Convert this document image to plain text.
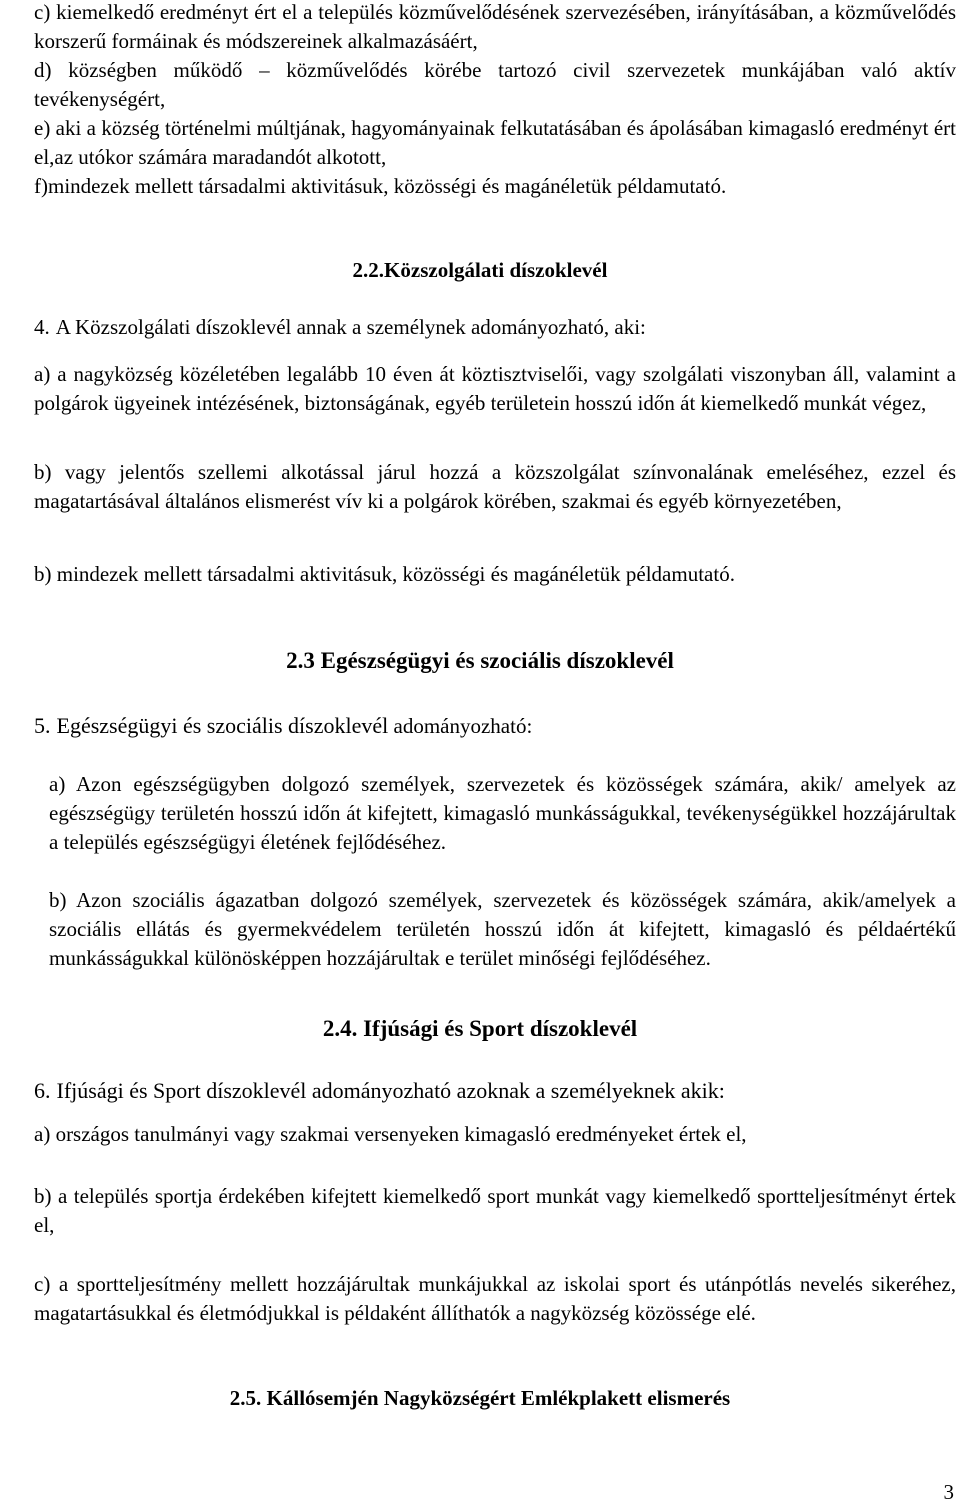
c) kiemelkedő eredményt ért el a település közművelődésének szervezésében, irányításában, a közművelődés korszerű formáinak és módszereinek alkalmazásáért,

d) községben működő – közművelődés körébe tartozó civil szervezetek munkájában való aktív tevékenységért,

e) aki a község történelmi múltjának, hagyományainak felkutatásában és ápolásában kimagasló eredményt ért el,az utókor számára maradandót alkotott,

f)mindezek mellett társadalmi aktivitásuk, közösségi és magánéletük példamutató.

2.2.Közszolgálati díszoklevél

4. A Közszolgálati díszoklevél annak a személynek adományozható, aki:

a) a nagyközség közéletében legalább 10 éven át köztisztviselői, vagy szolgálati viszonyban áll, valamint a polgárok ügyeinek intézésének, biztonságának, egyéb területein hosszú időn át kiemelkedő munkát végez,

b) vagy jelentős szellemi alkotással járul hozzá a közszolgálat színvonalának emeléséhez, ezzel és magatartásával általános elismerést vív ki a polgárok körében, szakmai és egyéb környezetében,

b) mindezek mellett társadalmi aktivitásuk, közösségi és magánéletük példamutató.

2.3 Egészségügyi és szociális díszoklevél

5. Egészségügyi és szociális díszoklevél adományozható:

a) Azon egészségügyben dolgozó személyek, szervezetek és közösségek számára, akik/ amelyek az egészségügy területén hosszú időn át kifejtett, kimagasló munkásságukkal, tevékenységükkel hozzájárultak a település egészségügyi életének fejlődéséhez.

b) Azon szociális ágazatban dolgozó személyek, szervezetek és közösségek számára, akik/amelyek a szociális ellátás és gyermekvédelem területén hosszú időn át kifejtett, kimagasló és példaértékű munkásságukkal különösképpen hozzájárultak e terület minőségi fejlődéséhez.

2.4. Ifjúsági és Sport díszoklevél

6. Ifjúsági és Sport díszoklevél adományozható azoknak a személyeknek akik:

a) országos tanulmányi vagy szakmai versenyeken kimagasló eredményeket értek el,

b) a település sportja érdekében kifejtett kiemelkedő sport munkát vagy kiemelkedő sportteljesítményt értek el,

c) a sportteljesítmény mellett hozzájárultak munkájukkal az iskolai sport és utánpótlás nevelés sikeréhez, magatartásukkal és életmódjukkal is példaként állíthatók a nagyközség közössége elé.

2.5. Kállósemjén Nagyközségért Emlékplakett elismerés
3
